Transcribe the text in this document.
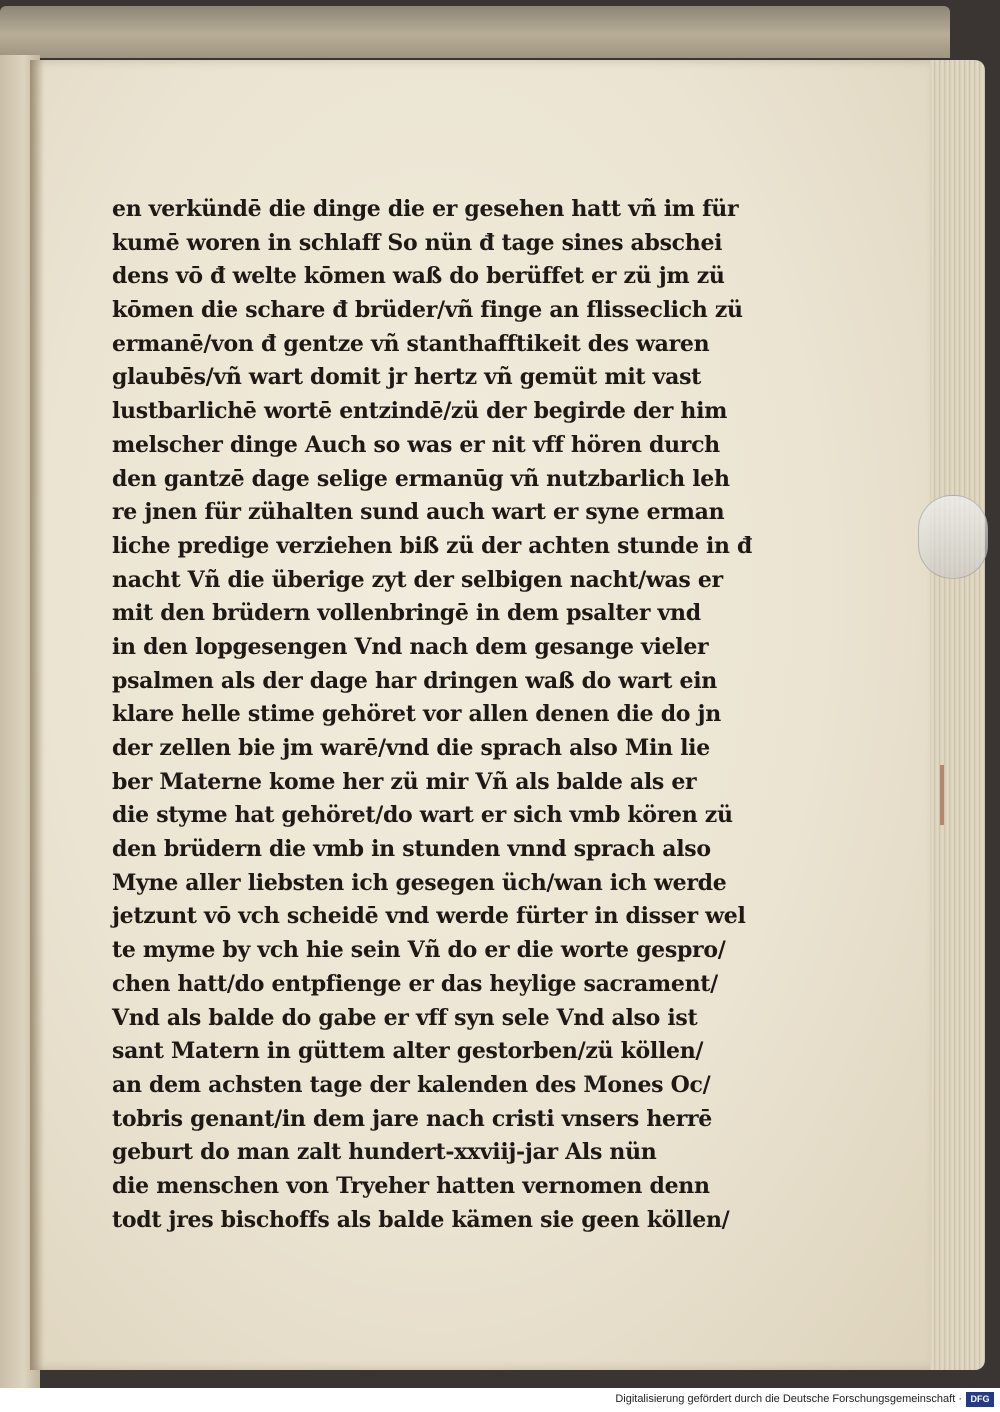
en verkündē die dinge die er gesehen hatt vñ im für
kumē woren in schlaff So nün đ tage sines abschei
dens vō đ welte kōmen waß do berüffet er zü jm zü
kōmen die schare đ brüder/vñ finge an flisseclich zü
ermanē/von đ gentze vñ stanthafftikeit des waren
glaubēs/vñ wart domit jr hertz vñ gemüt mit vast
lustbarlichē wortē entzindē/zü der begirde der him
melscher dinge Auch so was er nit vff hören durch
den gantzē dage selige ermanūg vñ nutzbarlich leh
re jnen für zühalten sund auch wart er syne erman
liche predige verziehen biß zü der achten stunde in đ
nacht Vñ die überige zyt der selbigen nacht/was er
mit den brüdern vollenbringē in dem psalter vnd
in den lopgesengen Vnd nach dem gesange vieler
psalmen als der dage har dringen waß do wart ein
klare helle stime gehöret vor allen denen die do jn
der zellen bie jm warē/vnd die sprach also Min lie
ber Materne kome her zü mir Vñ als balde als er
die styme hat gehöret/do wart er sich vmb kören zü
den brüdern die vmb in stunden vnnd sprach also
Myne aller liebsten ich gesegen üch/wan ich werde
jetzunt vō vch scheidē vnd werde fürter in disser wel
te myme by vch hie sein Vñ do er die worte gespro/
chen hatt/do entpfienge er das heylige sacrament/
Vnd als balde do gabe er vff syn sele Vnd also ist
sant Matern in güttem alter gestorben/zü köllen/
an dem achsten tage der kalenden des Mones Oc/
tobris genant/in dem jare nach cristi vnsers herrē
geburt do man zalt hundert-xxviij-jar Als nün
die menschen von Tryeher hatten vernomen denn
todt jres bischoffs als balde kämen sie geen köllen/
Digitalisierung gefördert durch die Deutsche Forschungsgemeinschaft · DFG
